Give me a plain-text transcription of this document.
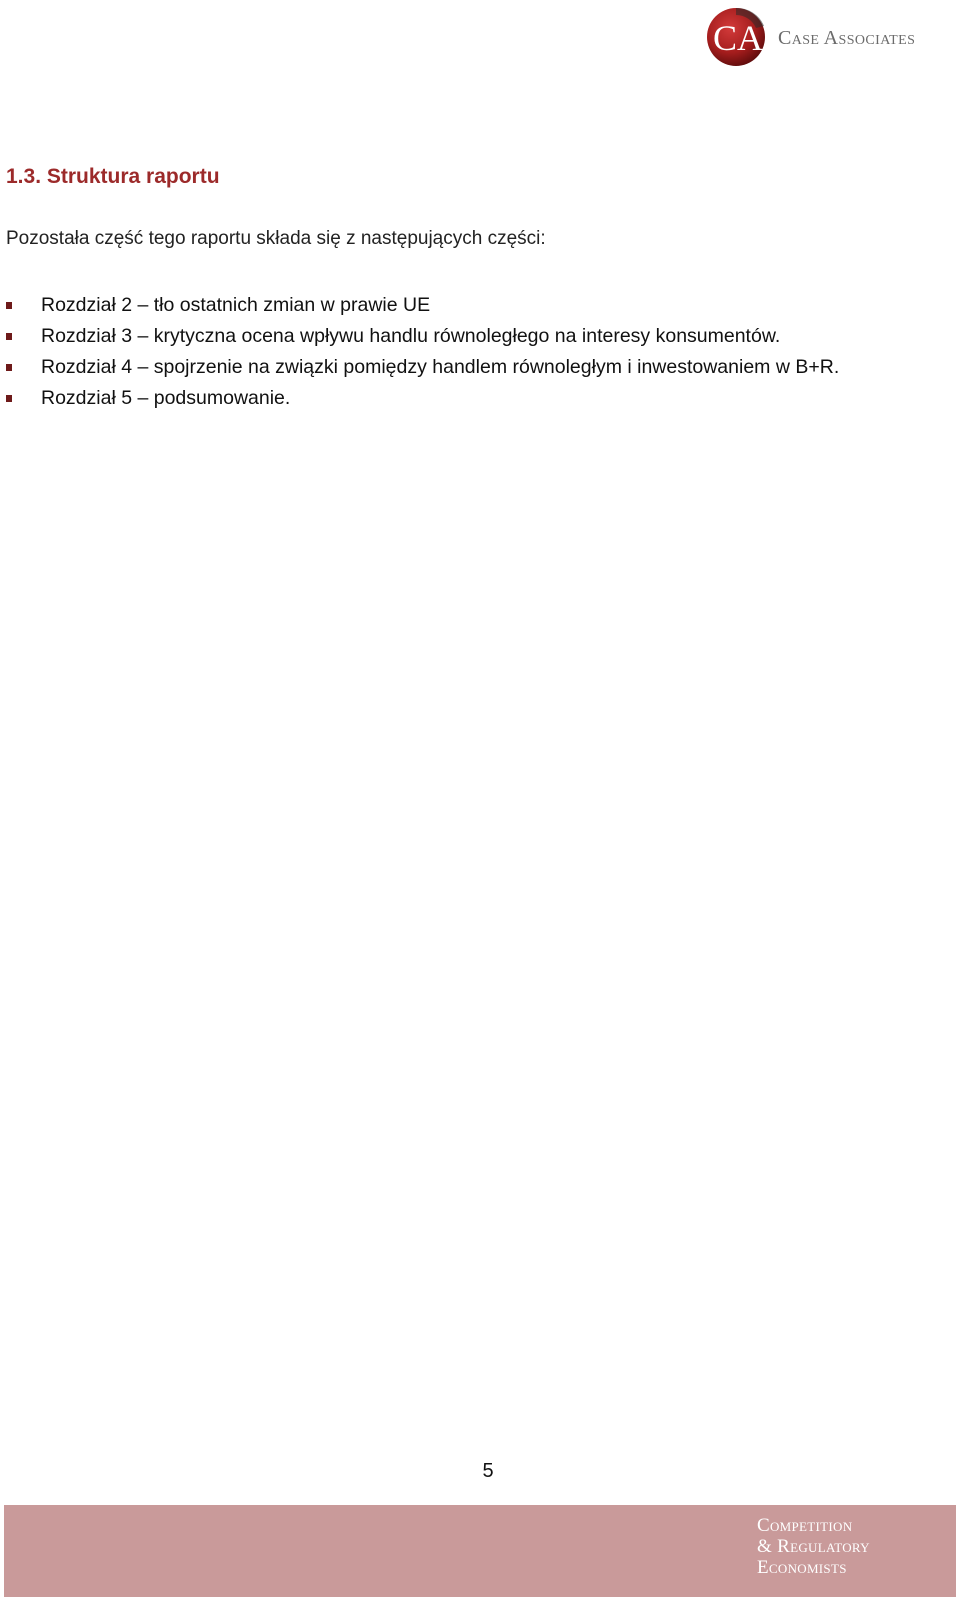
CA Case Associates
1.3. Struktura raportu
Pozostała część tego raportu składa się z następujących części:
Rozdział 2 – tło ostatnich zmian w prawie UE
Rozdział 3 – krytyczna ocena wpływu handlu równoległego na interesy konsumentów.
Rozdział 4 – spojrzenie na związki pomiędzy handlem równoległym i inwestowaniem w B+R.
Rozdział 5 – podsumowanie.
5
Competition
& Regulatory
Economists
